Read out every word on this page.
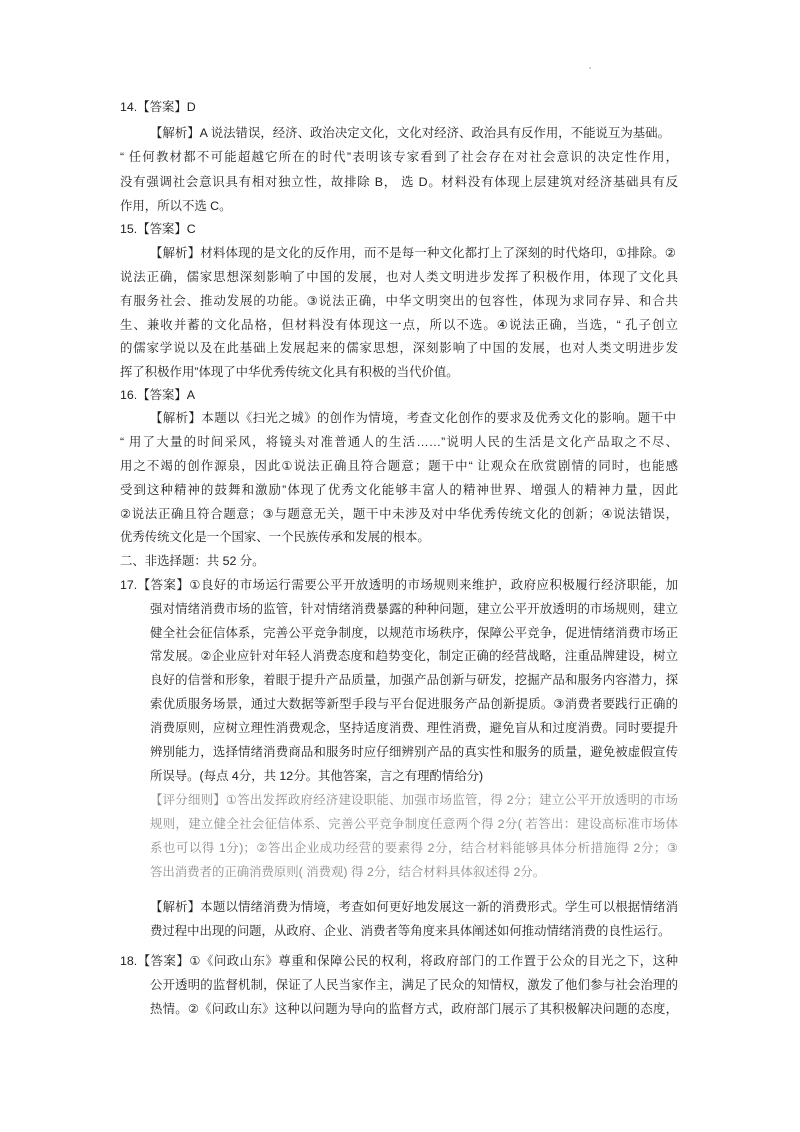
14.【答案】D
【解析】A 说法错误，经济、政治决定文化，文化对经济、政治具有反作用，不能说互为基础。
“ 任何教材都不可能超越它所在的时代”表明该专家看到了社会存在对社会意识的决定性作用，
没有强调社会意识具有相对独立性，故排除 B， 选 D。材料没有体现上层建筑对经济基础具有反
作用，所以不选 C。
15.【答案】C
【解析】材料体现的是文化的反作用，而不是每一种文化都打上了深刻的时代烙印，①排除。②
说法正确，儒家思想深刻影响了中国的发展，也对人类文明进步发挥了积极作用，体现了文化具
有服务社会、推动发展的功能。③说法正确，中华文明突出的包容性，体现为求同存异、和合共
生、兼收并蓄的文化品格，但材料没有体现这一点，所以不选。④说法正确，当选，“ 孔子创立
的儒家学说以及在此基础上发展起来的儒家思想，深刻影响了中国的发展，也对人类文明进步发
挥了积极作用”体现了中华优秀传统文化具有积极的当代价值。
16.【答案】A
【解析】本题以《扫光之城》的创作为情境，考查文化创作的要求及优秀文化的影响。题干中
“ 用了大量的时间采风，将镜头对准普通人的生活……”说明人民的生活是文化产品取之不尽、
用之不竭的创作源泉，因此①说法正确且符合题意；题干中“ 让观众在欣赏剧情的同时，也能感
受到这种精神的鼓舞和激励”体现了优秀文化能够丰富人的精神世界、增强人的精神力量，因此
②说法正确且符合题意；③与题意无关，题干中未涉及对中华优秀传统文化的创新；④说法错误，
优秀传统文化是一个国家、一个民族传承和发展的根本。
二、非选择题：共 52 分。
17.【答案】①良好的市场运行需要公平开放透明的市场规则来维护，政府应积极履行经济职能，加
强对情绪消费市场的监管，针对情绪消费暴露的种种问题，建立公平开放透明的市场规则，建立
健全社会征信体系，完善公平竞争制度，以规范市场秩序，保障公平竞争，促进情绪消费市场正
常发展。②企业应针对年轻人消费态度和趋势变化，制定正确的经营战略，注重品牌建设，树立
良好的信誉和形象，着眼于提升产品质量，加强产品创新与研发，挖掘产品和服务内容潜力，探
索优质服务场景，通过大数据等新型手段与平台促进服务产品创新提质。③消费者要践行正确的
消费原则，应树立理性消费观念，坚持适度消费、理性消费，避免盲从和过度消费。同时要提升
辨别能力，选择情绪消费商品和服务时应仔细辨别产品的真实性和服务的质量，避免被虚假宣传
所误导。(每点 4分，共 12分。其他答案，言之有理酌情给分)
【评分细则】①答出发挥政府经济建设职能、加强市场监管，得 2分；建立公平开放透明的市场
规则，建立健全社会征信体系、完善公平竞争制度任意两个得 2分( 若答出：建设高标准市场体
系也可以得 1分)；②答出企业成功经营的要素得 2分，结合材料能够具体分析措施得 2分；③
答出消费者的正确消费原则( 消费观) 得 2分，结合材料具体叙述得 2分。
【解析】本题以情绪消费为情境，考查如何更好地发展这一新的消费形式。学生可以根据情绪消
费过程中出现的问题，从政府、企业、消费者等角度来具体阐述如何推动情绪消费的良性运行。
18.【答案】①《问政山东》尊重和保障公民的权利，将政府部门的工作置于公众的目光之下，这种
公开透明的监督机制，保证了人民当家作主，满足了民众的知情权，激发了他们参与社会治理的
热情。②《问政山东》这种以问题为导向的监督方式，政府部门展示了其积极解决问题的态度，
